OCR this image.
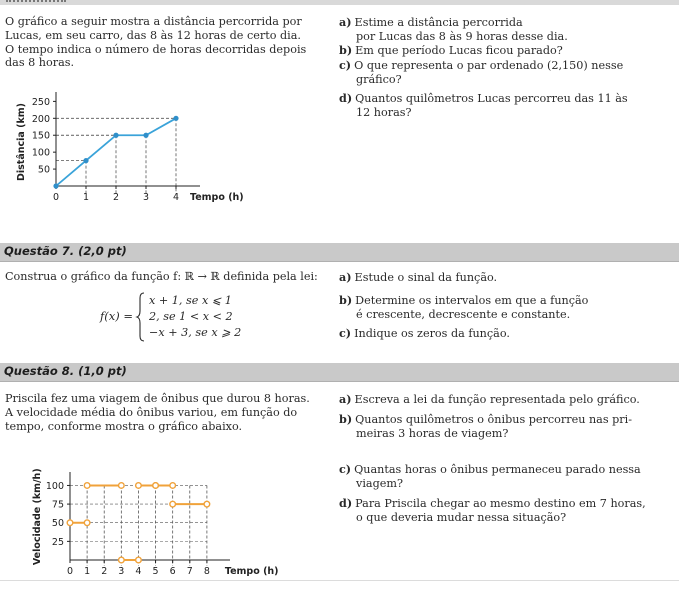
O gráfico a seguir mostra a distância percorrida por

Lucas, em seu carro, das 8 às 12 horas de certo dia.

O tempo indica o número de horas decorridas depois

das 8 horas.

50
100
150
200
250
0	1	2	3	4 Tempo (h)
Distância (km)
a) Estime a distância percorrida
por Lucas das 8 às 9 horas desse dia.
b) Em que período Lucas ficou parado?
c) O que representa o par ordenado (2,150) nesse
gráfico?
d) Quantos quilômetros Lucas percorreu das 11 às
12 horas?
Questão 7. (2,0 pt)
Construa o gráfico da função f: ℝ → ℝ definida pela lei:
f(x) =
x + 1, se x ⩽ 1
2, se 1 < x < 2
−x + 3, se x ⩾ 2
a) Estude o sinal da função.
b) Determine os intervalos em que a função
é crescente, decrescente e constante.
c) Indique os zeros da função.
Questão 8. (1,0 pt)

Priscila fez uma viagem de ônibus que durou 8 horas.

A velocidade média do ônibus variou, em função do

tempo, conforme mostra o gráfico abaixo.

25
50
75
100
0 1 2 3 4 5 6 7 8 Tempo (h)
Velocidade (km/h)
a) Escreva a lei da função representada pelo gráfico.
b) Quantos quilômetros o ônibus percorreu nas pri-
meiras 3 horas de viagem?
c) Quantas horas o ônibus permaneceu parado nessa
viagem?
d) Para Priscila chegar ao mesmo destino em 7 horas,
o que deveria mudar nessa situação?
